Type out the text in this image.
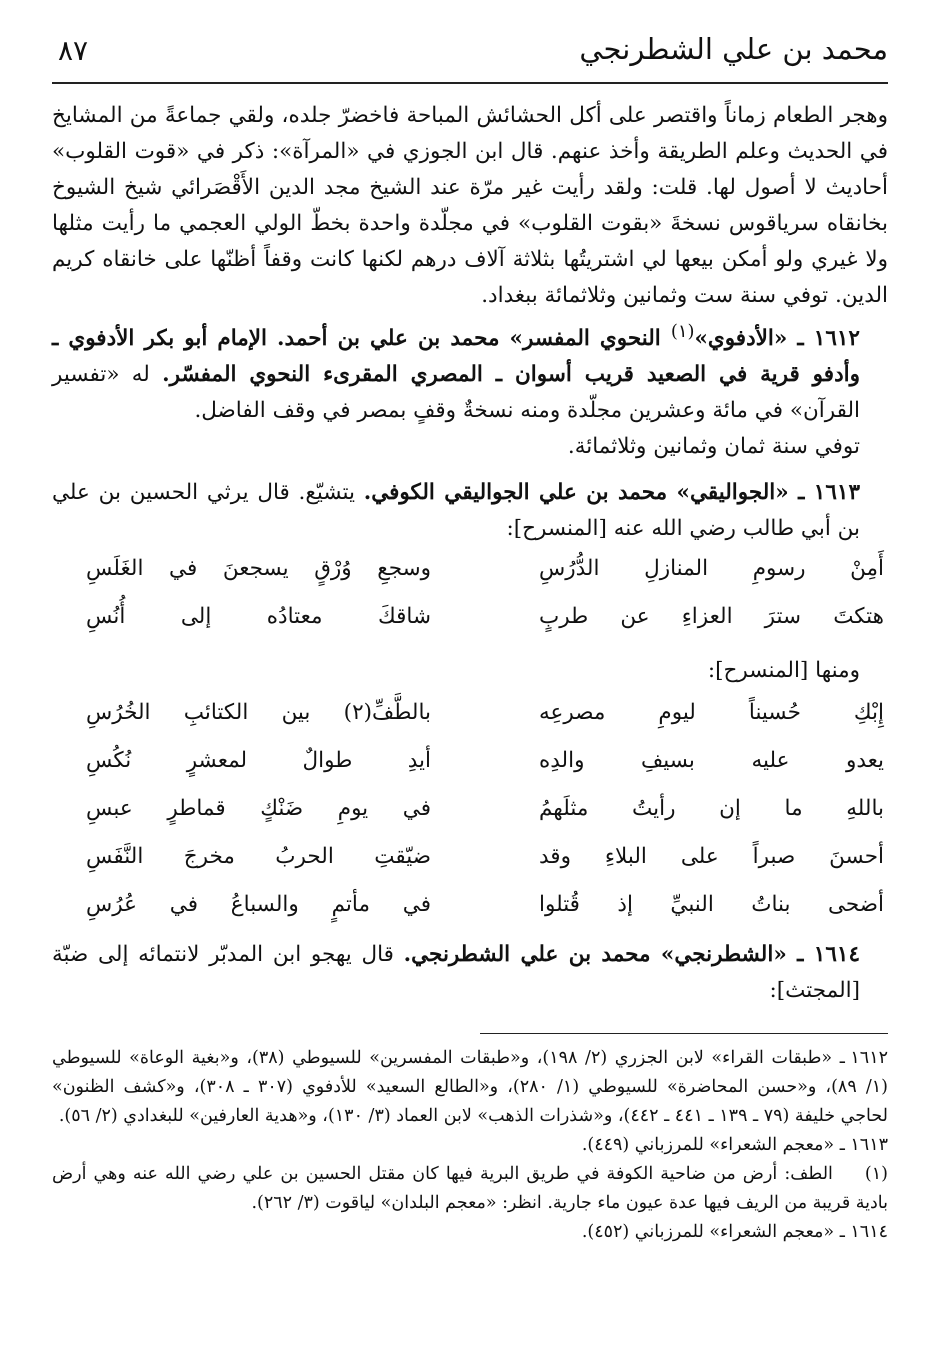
٨٧	محمد بن علي الشطرنجي

وهجر الطعام زماناً واقتصر على أكل الحشائش المباحة فاخضرّ جلده، ولقي جماعةً من المشايخ في الحديث وعلم الطريقة وأخذ عنهم. قال ابن الجوزي في «المرآة»: ذكر في «قوت القلوب» أحاديث لا أصول لها. قلت: ولقد رأيت غير مرّة عند الشيخ مجد الدين الأَقْصَرائي شيخ الشيوخ بخانقاه سرياقوس نسخةَ «بقوت القلوب» في مجلّدة واحدة بخطّ الولي العجمي ما رأيت مثلها ولا غيري ولو أمكن بيعها لي اشتريتُها بثلاثة آلاف درهم لكنها كانت وقفاً أظنّها على خانقاه كريم الدين. توفي سنة ست وثمانين وثلاثمائة ببغداد.

١٦١٢ ـ «الأدفوي»$^{(١)}$ النحوي المفسر» محمد بن علي بن أحمد. الإمام أبو بكر الأدفوي ـ وأدفو قرية في الصعيد قريب أسوان ـ المصري المقرىء النحوي المفسّر. له «تفسير القرآن» في مائة وعشرين مجلّدة ومنه نسخةٌ وقفٍ بمصر في وقف الفاضل.

توفي سنة ثمان وثمانين وثلاثمائة.

١٦١٣ ـ «الجواليقي» محمد بن علي الجواليقي الكوفي. يتشيّع. قال يرثي الحسين بن علي بن أبي طالب رضي الله عنه [المنسرح]:

أَمِنْ رسومِ المنازلِ الدُّرُسِ
وسجعِ وُرْقٍ يسجعنَ في الغَلَسِ
هتكتَ سترَ العزاءِ عن طربٍ
شاقكَ معتادُه إلى أُنُسِ

ومنها [المنسرح]:

إِبْكِ حُسيناً ليومِ مصرعِه
بالطَّفِّ(٢) بين الكتائبِ الخُرُسِ
يعدو عليه بسيفِ والدِه
أيدِ طوالٌ لمعشرٍ نُكُسِ
باللهِ ما إن رأيتُ مثلَهمُ
في يومِ ضَنْكٍ قماطرٍ عبسِ
أحسنَ صبراً على البلاءِ وقد
ضيّقتِ الحربُ مخرجَ النَّفَسِ
أضحى بناتُ النبيِّ إذ قُتلوا
في مأتمٍ والسباعُ في عُرُسِ

١٦١٤ ـ «الشطرنجي» محمد بن علي الشطرنجي. قال يهجو ابن المدبّر لانتمائه إلى ضبّة [المجتث]:

١٦١٢ ـ «طبقات القراء» لابن الجزري (٢/ ١٩٨)، و«طبقات المفسرين» للسيوطي (٣٨)، و«بغية الوعاة» للسيوطي (١/ ٨٩)، و«حسن المحاضرة» للسيوطي (١/ ٢٨٠)، و«الطالع السعيد» للأدفوي (٣٠٧ ـ ٣٠٨)، و«كشف الظنون» لحاجي خليفة (٧٩ ـ ١٣٩ ـ ٤٤١ ـ ٤٤٢)، و«شذرات الذهب» لابن العماد (٣/ ١٣٠)، و«هدية العارفين» للبغدادي (٢/ ٥٦).

١٦١٣ ـ «معجم الشعراء» للمرزباني (٤٤٩).

(١) الطف: أرض من ضاحية الكوفة في طريق البرية فيها كان مقتل الحسين بن علي رضي الله عنه وهي أرض بادية قريبة من الريف فيها عدة عيون ماء جارية. انظر: «معجم البلدان» لياقوت (٣/ ٢٦٢).

١٦١٤ ـ «معجم الشعراء» للمرزباني (٤٥٢).
